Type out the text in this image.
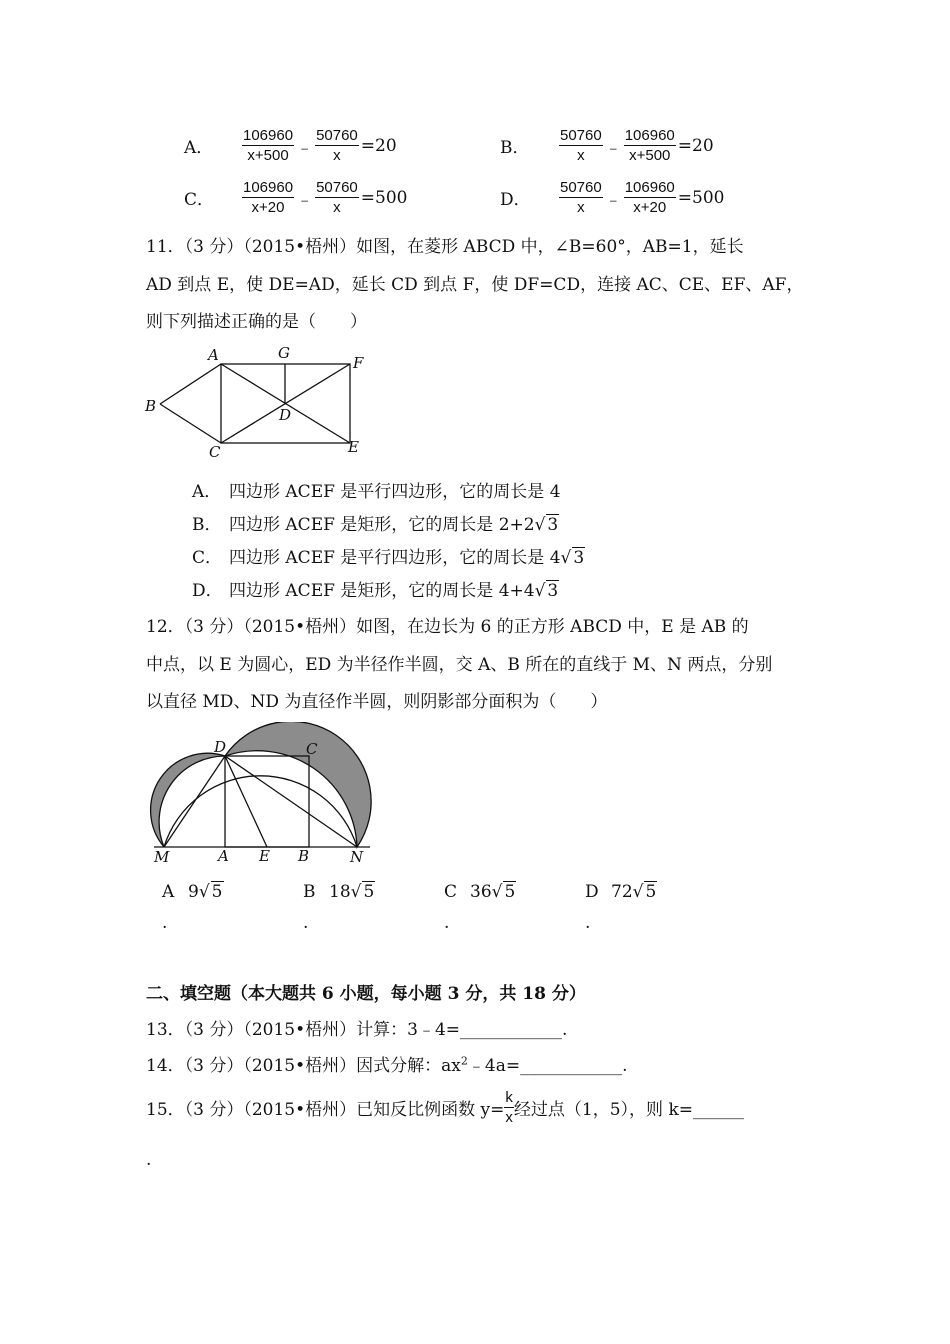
A．	$\frac{106960}{x+500}$ ﹣ $\frac{50760}{x} =20$	B．	$\frac{50760}{x}$ ﹣ $\frac{106960}{x+500} =20$
C．	$\frac{106960}{x+20}$ ﹣ $\frac{50760}{x} =500$	D．	$\frac{50760}{x}$ ﹣ $\frac{106960}{x+20} =500$
11．（3 分）（2015•梧州）如图，在菱形 ABCD 中，∠B=60°，AB=1，延长
AD 到点 E，使 DE=AD，延长 CD 到点 F，使 DF=CD，连接 AC、CE、EF、AF，
则下列描述正确的是（　　）
A	G
F
B	D
C	E
A． 四边形 ACEF 是平行四边形，它的周长是 4
B． 四边形 ACEF 是矩形，它的周长是 2+2√ 3
C． 四边形 ACEF 是平行四边形，它的周长是 4√ 3
D． 四边形 ACEF 是矩形，它的周长是 4+4√ 3
12．（3 分）（2015•梧州）如图，在边长为 6 的正方形 ABCD 中，E 是 AB 的
中点，以 E 为圆心，ED 为半径作半圆，交 A、B 所在的直线于 M、N 两点，分别
以直径 MD、ND 为直径作半圆，则阴影部分面积为（　　）
D	C
M	A E B	N
A 9√ 5
.
B 18√ 5
.
C 36√ 5
.
D 72√ 5
.
二、填空题（本大题共 6 小题，每小题 3 分，共 18 分）
13．（3 分）（2015•梧州）计算：3﹣4=____________.
14．（3 分）（2015•梧州）因式分解：$ax^2﹣4a=\_\_\_\_\_\_\_\_\_\_\_\_$.
15．（3 分）（2015•梧州）已知反比例函数 $y= \frac{k}{x}$ 经过点（1，5），则 k=______
.
